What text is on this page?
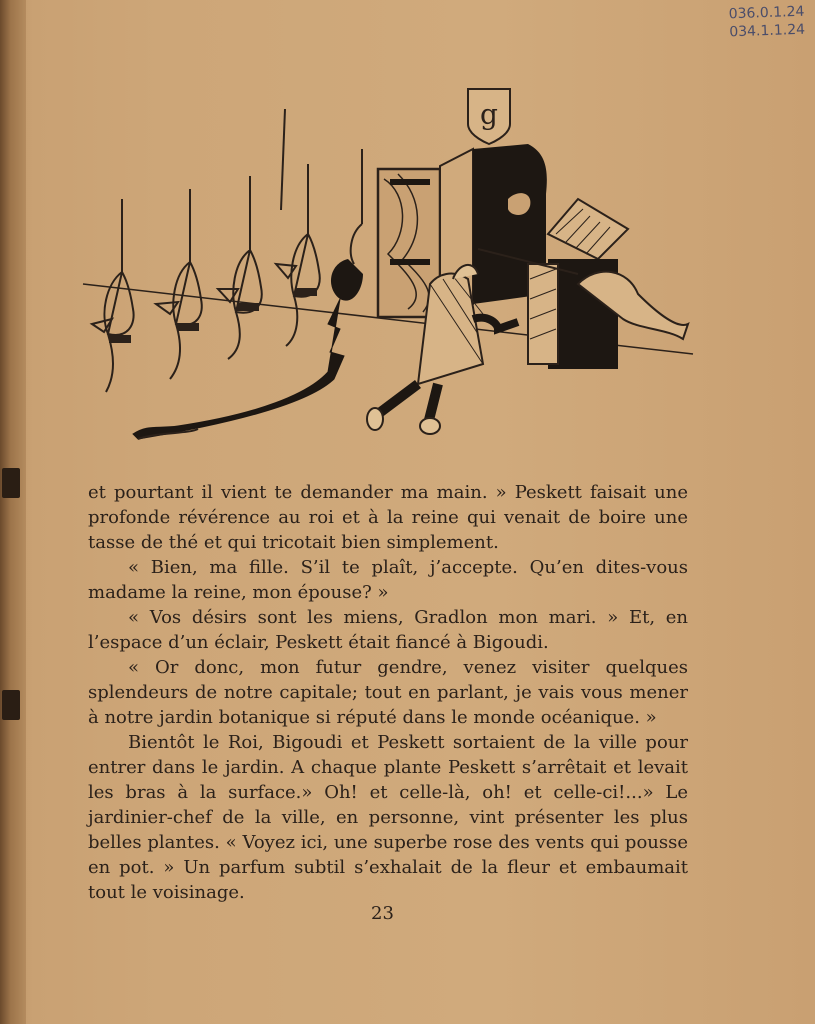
036.0.1.24
034.1.1.24
g

et pourtant il vient te demander ma main. » Peskett faisait une profonde révérence au roi et à la reine qui venait de boire une tasse de thé et qui tricotait bien simplement.

« Bien, ma fille. S’il te plaît, j’accepte. Qu’en dites-vous madame la reine, mon épouse? »

« Vos désirs sont les miens, Gradlon mon mari. » Et, en l’espace d’un éclair, Peskett était fiancé à Bigoudi.

« Or donc, mon futur gendre, venez visiter quelques splendeurs de notre capitale; tout en parlant, je vais vous mener à notre jardin botanique si réputé dans le monde océanique. »

Bientôt le Roi, Bigoudi et Peskett sortaient de la ville pour entrer dans le jardin. A chaque plante Peskett s’arrêtait et levait les bras à la surface.» Oh! et celle-là, oh! et celle-ci!...» Le jardinier-chef de la ville, en personne, vint présenter les plus belles plantes. « Voyez ici, une superbe rose des vents qui pousse en pot. » Un parfum subtil s’exhalait de la fleur et embaumait tout le voisinage.

23
